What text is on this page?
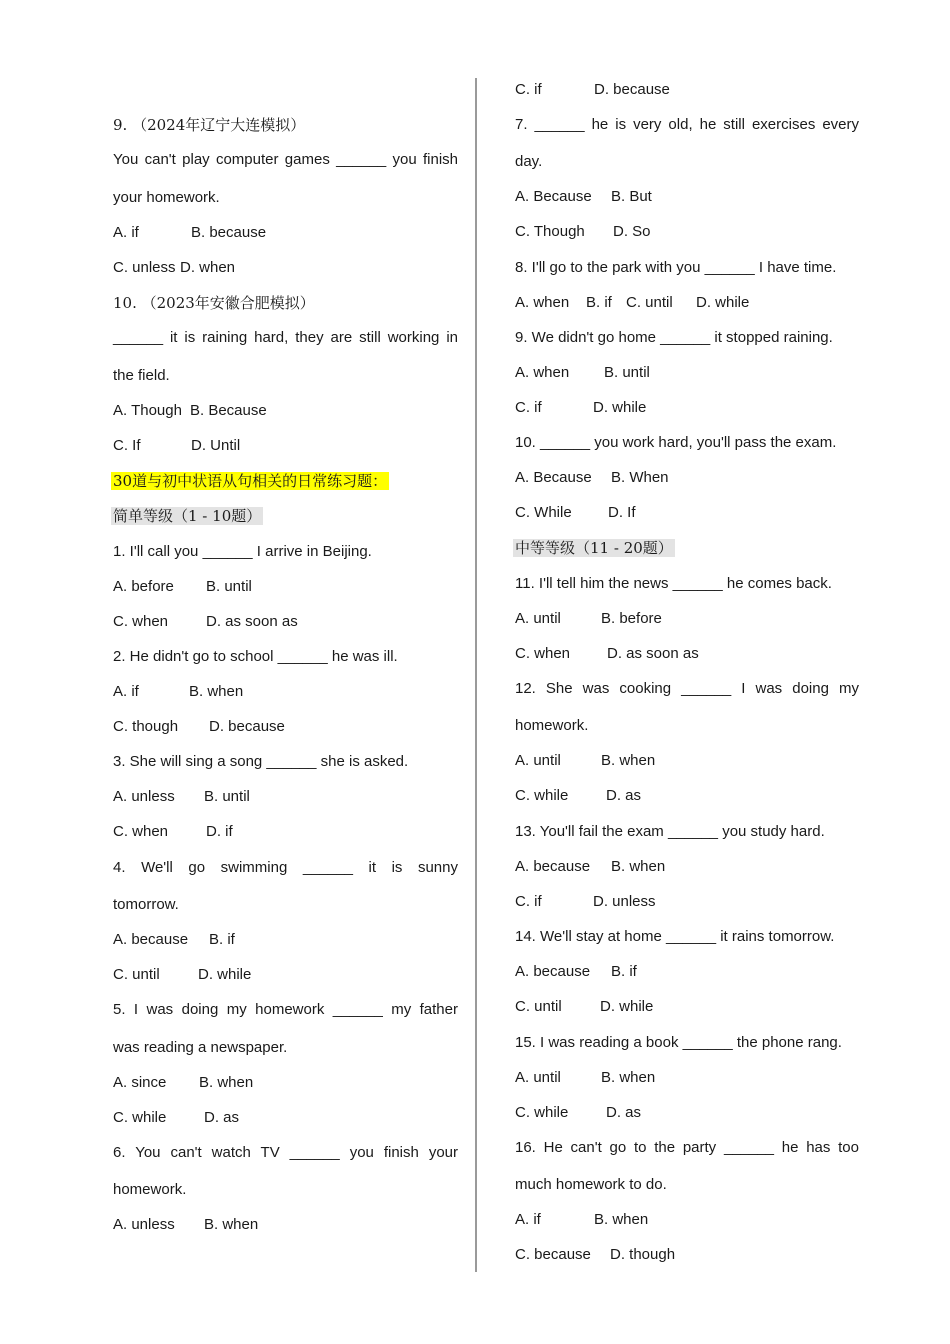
9. （2024年辽宁大连模拟）
You can't play computer games ______ you finish
your homework.
A. if	B. because
C. unless D. when
10. （2023年安徽合肥模拟）
______ it is raining hard, they are still working in
the field.
A. Though B. Because
C. If	D. Until
30道与初中状语从句相关的日常练习题：
简单等级（1 - 10题）
1. I'll call you ______ I arrive in Beijing.
A. before B. until
C. when	D. as soon as
2. He didn't go to school ______ he was ill.
A. if	B. when
C. though D. because
3. She will sing a song ______ she is asked.
A. unless B. until
C. when	D. if
4. We'll go swimming ______ it is sunny
tomorrow.
A. because B. if
C. until	D. while
5. I was doing my homework ______ my father
was reading a newspaper.
A. since B. when
C. while	D. as
6. You can't watch TV ______ you finish your
homework.
A. unless B. when
C. if	D. because
7. ______ he is very old, he still exercises every
day.
A. Because B. But
C. Though D. So
8. I'll go to the park with you ______ I have time.
A. when B. if C. until D. while
9. We didn't go home ______ it stopped raining.
A. when B. until
C. if	D. while
10. ______ you work hard, you'll pass the exam.
A. Because B. When
C. While D. If
中等等级（11 - 20题）
11. I'll tell him the news ______ he comes back.
A. until	B. before
C. when D. as soon as
12. She was cooking ______ I was doing my
homework.
A. until	B. when
C. while	D. as
13. You'll fail the exam ______ you study hard.
A. because B. when
C. if	D. unless
14. We'll stay at home ______ it rains tomorrow.
A. because B. if
C. until	D. while
15. I was reading a book ______ the phone rang.
A. until	B. when
C. while	D. as
16. He can't go to the party ______ he has too
much homework to do.
A. if	B. when
C. because D. though
